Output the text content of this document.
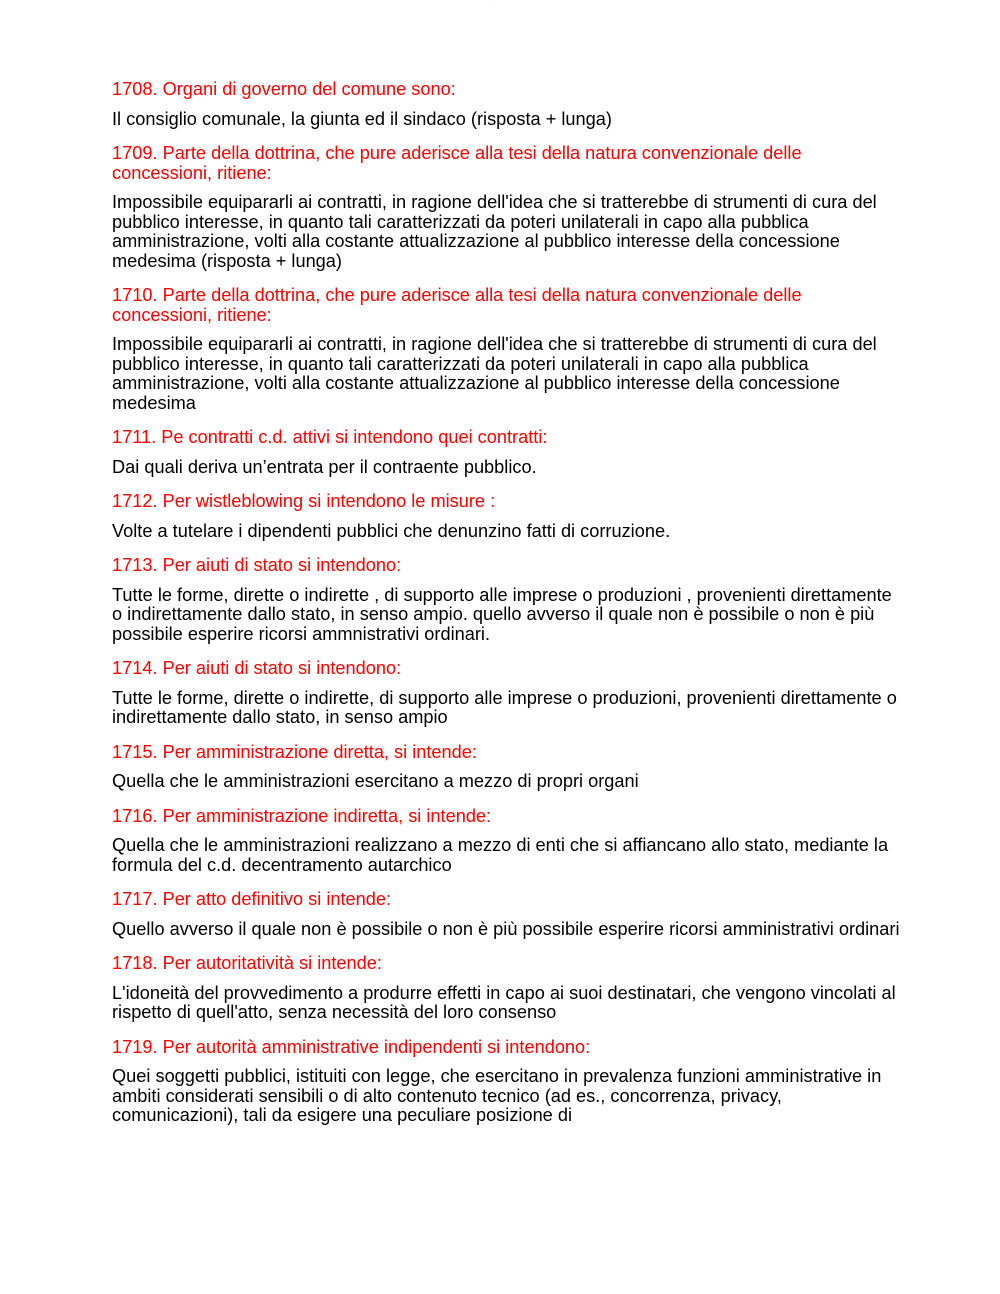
········

1708. Organi di governo del comune sono:

Il consiglio comunale, la giunta ed il sindaco (risposta + lunga)

1709. Parte della dottrina, che pure aderisce alla tesi della natura convenzionale delle concessioni, ritiene:

Impossibile equipararli ai contratti, in ragione dell'idea che si tratterebbe di strumenti di cura del pubblico interesse, in quanto tali caratterizzati da poteri unilaterali in capo alla pubblica amministrazione, volti alla costante attualizzazione al pubblico interesse della concessione medesima (risposta + lunga)

1710. Parte della dottrina, che pure aderisce alla tesi della natura convenzionale delle concessioni, ritiene:

Impossibile equipararli ai contratti, in ragione dell'idea che si tratterebbe di strumenti di cura del pubblico interesse, in quanto tali caratterizzati da poteri unilaterali in capo alla pubblica amministrazione, volti alla costante attualizzazione al pubblico interesse della concessione medesima

1711. Pe contratti c.d. attivi si intendono quei contratti:

Dai quali deriva un’entrata per il contraente pubblico.

1712. Per wistleblowing si intendono le misure :

Volte a tutelare i dipendenti pubblici che denunzino fatti di corruzione.

1713. Per aiuti di stato si intendono:

Tutte le forme, dirette o indirette , di supporto alle imprese o produzioni , provenienti direttamente o indirettamente dallo stato, in senso ampio. quello avverso il quale non è possibile o non è più possibile esperire ricorsi ammnistrativi ordinari.

1714. Per aiuti di stato si intendono:

Tutte le forme, dirette o indirette, di supporto alle imprese o produzioni, provenienti direttamente o indirettamente dallo stato, in senso ampio

1715. Per amministrazione diretta, si intende:

Quella che le amministrazioni esercitano a mezzo di propri organi

1716. Per amministrazione indiretta, si intende:

Quella che le amministrazioni realizzano a mezzo di enti che si affiancano allo stato, mediante la formula del c.d. decentramento autarchico

1717. Per atto definitivo si intende:

Quello avverso il quale non è possibile o non è più possibile esperire ricorsi amministrativi ordinari

1718. Per autoritatività si intende:

L'idoneità del provvedimento a produrre effetti in capo ai suoi destinatari, che vengono vincolati al rispetto di quell'atto, senza necessità del loro consenso

1719. Per autorità amministrative indipendenti si intendono:

Quei soggetti pubblici, istituiti con legge, che esercitano in prevalenza funzioni amministrative in ambiti considerati sensibili o di alto contenuto tecnico (ad es., concorrenza, privacy, comunicazioni), tali da esigere una peculiare posizione di
